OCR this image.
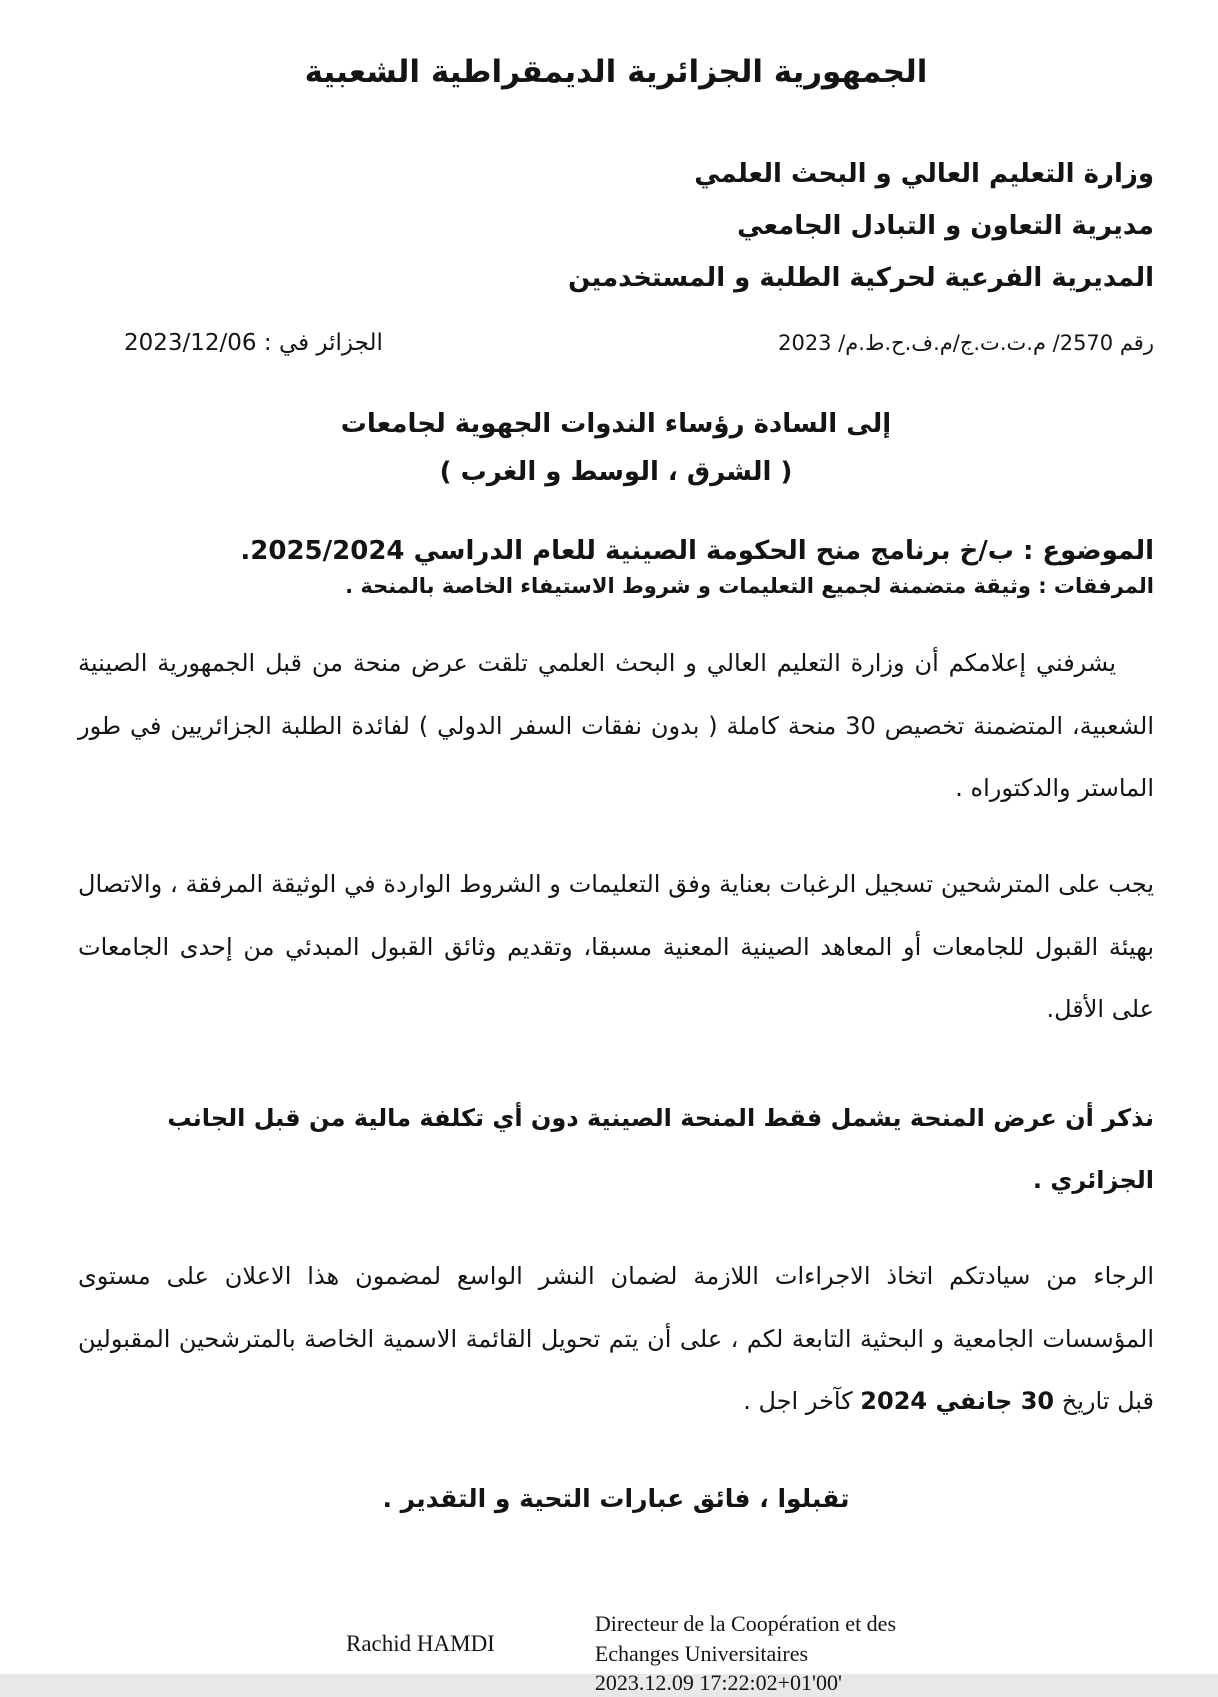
الجمهورية الجزائرية الديمقراطية الشعبية
وزارة التعليم العالي و البحث العلمي
مديرية التعاون و التبادل الجامعي
المديرية الفرعية لحركية الطلبة و المستخدمين
رقم 2570/ م.ت.ت.ج/م.ف.ح.ط.م/ 2023
الجزائر في : 2023/12/06
إلى السادة رؤساء الندوات الجهوية لجامعات
( الشرق ، الوسط و الغرب )
الموضوع : ب/خ برنامج منح الحكومة الصينية للعام الدراسي 2025/2024.
المرفقات : وثيقة متضمنة لجميع التعليمات و شروط الاستيفاء الخاصة بالمنحة .
يشرفني إعلامكم أن وزارة التعليم العالي و البحث العلمي تلقت عرض منحة من قبل الجمهورية الصينية الشعبية، المتضمنة تخصيص 30 منحة كاملة ( بدون نفقات السفر الدولي ) لفائدة الطلبة الجزائريين في طور الماستر والدكتوراه .
يجب على المترشحين تسجيل الرغبات بعناية وفق التعليمات و الشروط الواردة في الوثيقة المرفقة ، والاتصال بهيئة القبول للجامعات أو المعاهد الصينية المعنية مسبقا، وتقديم وثائق القبول المبدئي من إحدى الجامعات على الأقل.
نذكر أن عرض المنحة يشمل فقط المنحة الصينية دون أي تكلفة مالية من قبل الجانب الجزائري .
الرجاء من سيادتكم اتخاذ الاجراءات اللازمة لضمان النشر الواسع لمضمون هذا الاعلان على مستوى المؤسسات الجامعية و البحثية التابعة لكم ، على أن يتم تحويل القائمة الاسمية الخاصة بالمترشحين المقبولين قبل تاريخ 30 جانفي 2024 كآخر اجل .
تقبلوا ، فائق عبارات التحية و التقدير .
Rachid HAMDI
Directeur de la Coopération et des
Echanges Universitaires
2023.12.09 17:22:02+01'00'
